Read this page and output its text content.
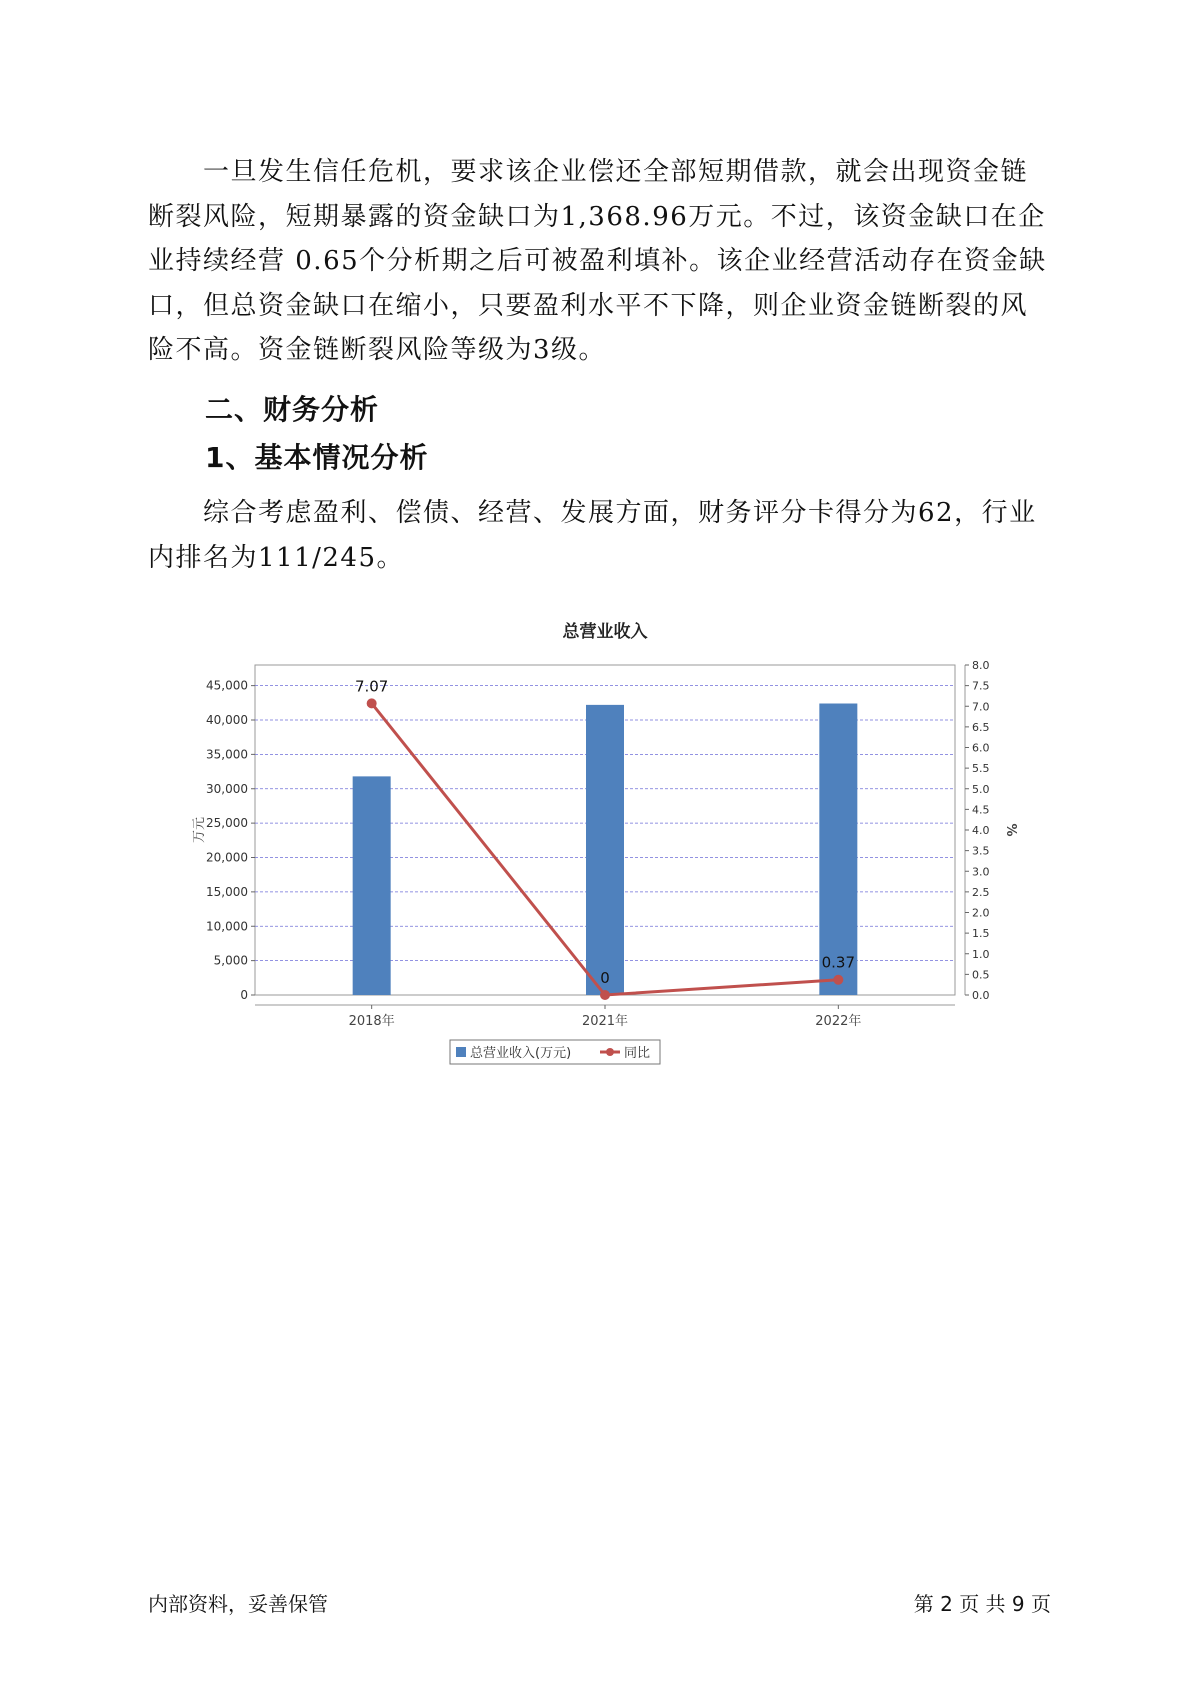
一旦发生信任危机，要求该企业偿还全部短期借款，就会出现资金链断裂风险，短期暴露的资金缺口为1,368.96万元。不过，该资金缺口在企业持续经营 0.65个分析期之后可被盈利填补。该企业经营活动存在资金缺口，但总资金缺口在缩小，只要盈利水平不下降，则企业资金链断裂的风险不高。资金链断裂风险等级为3级。

二、财务分析
1、基本情况分析

综合考虑盈利、偿债、经营、发展方面，财务评分卡得分为62，行业内排名为111/245。

总营业收入
0
5,000
10,000
15,000
20,000
25,000
30,000
35,000
40,000
45,000
0.0
0.5
1.0
1.5
2.0
2.5
3.0
3.5
4.0
4.5
5.0
5.5
6.0
6.5
7.0
7.5
8.0
万元	%
2018年	2021年	2022年
7.07
0
0.37
总营业收入(万元)	同比
内部资料，妥善保管	第 2 页 共 9 页
